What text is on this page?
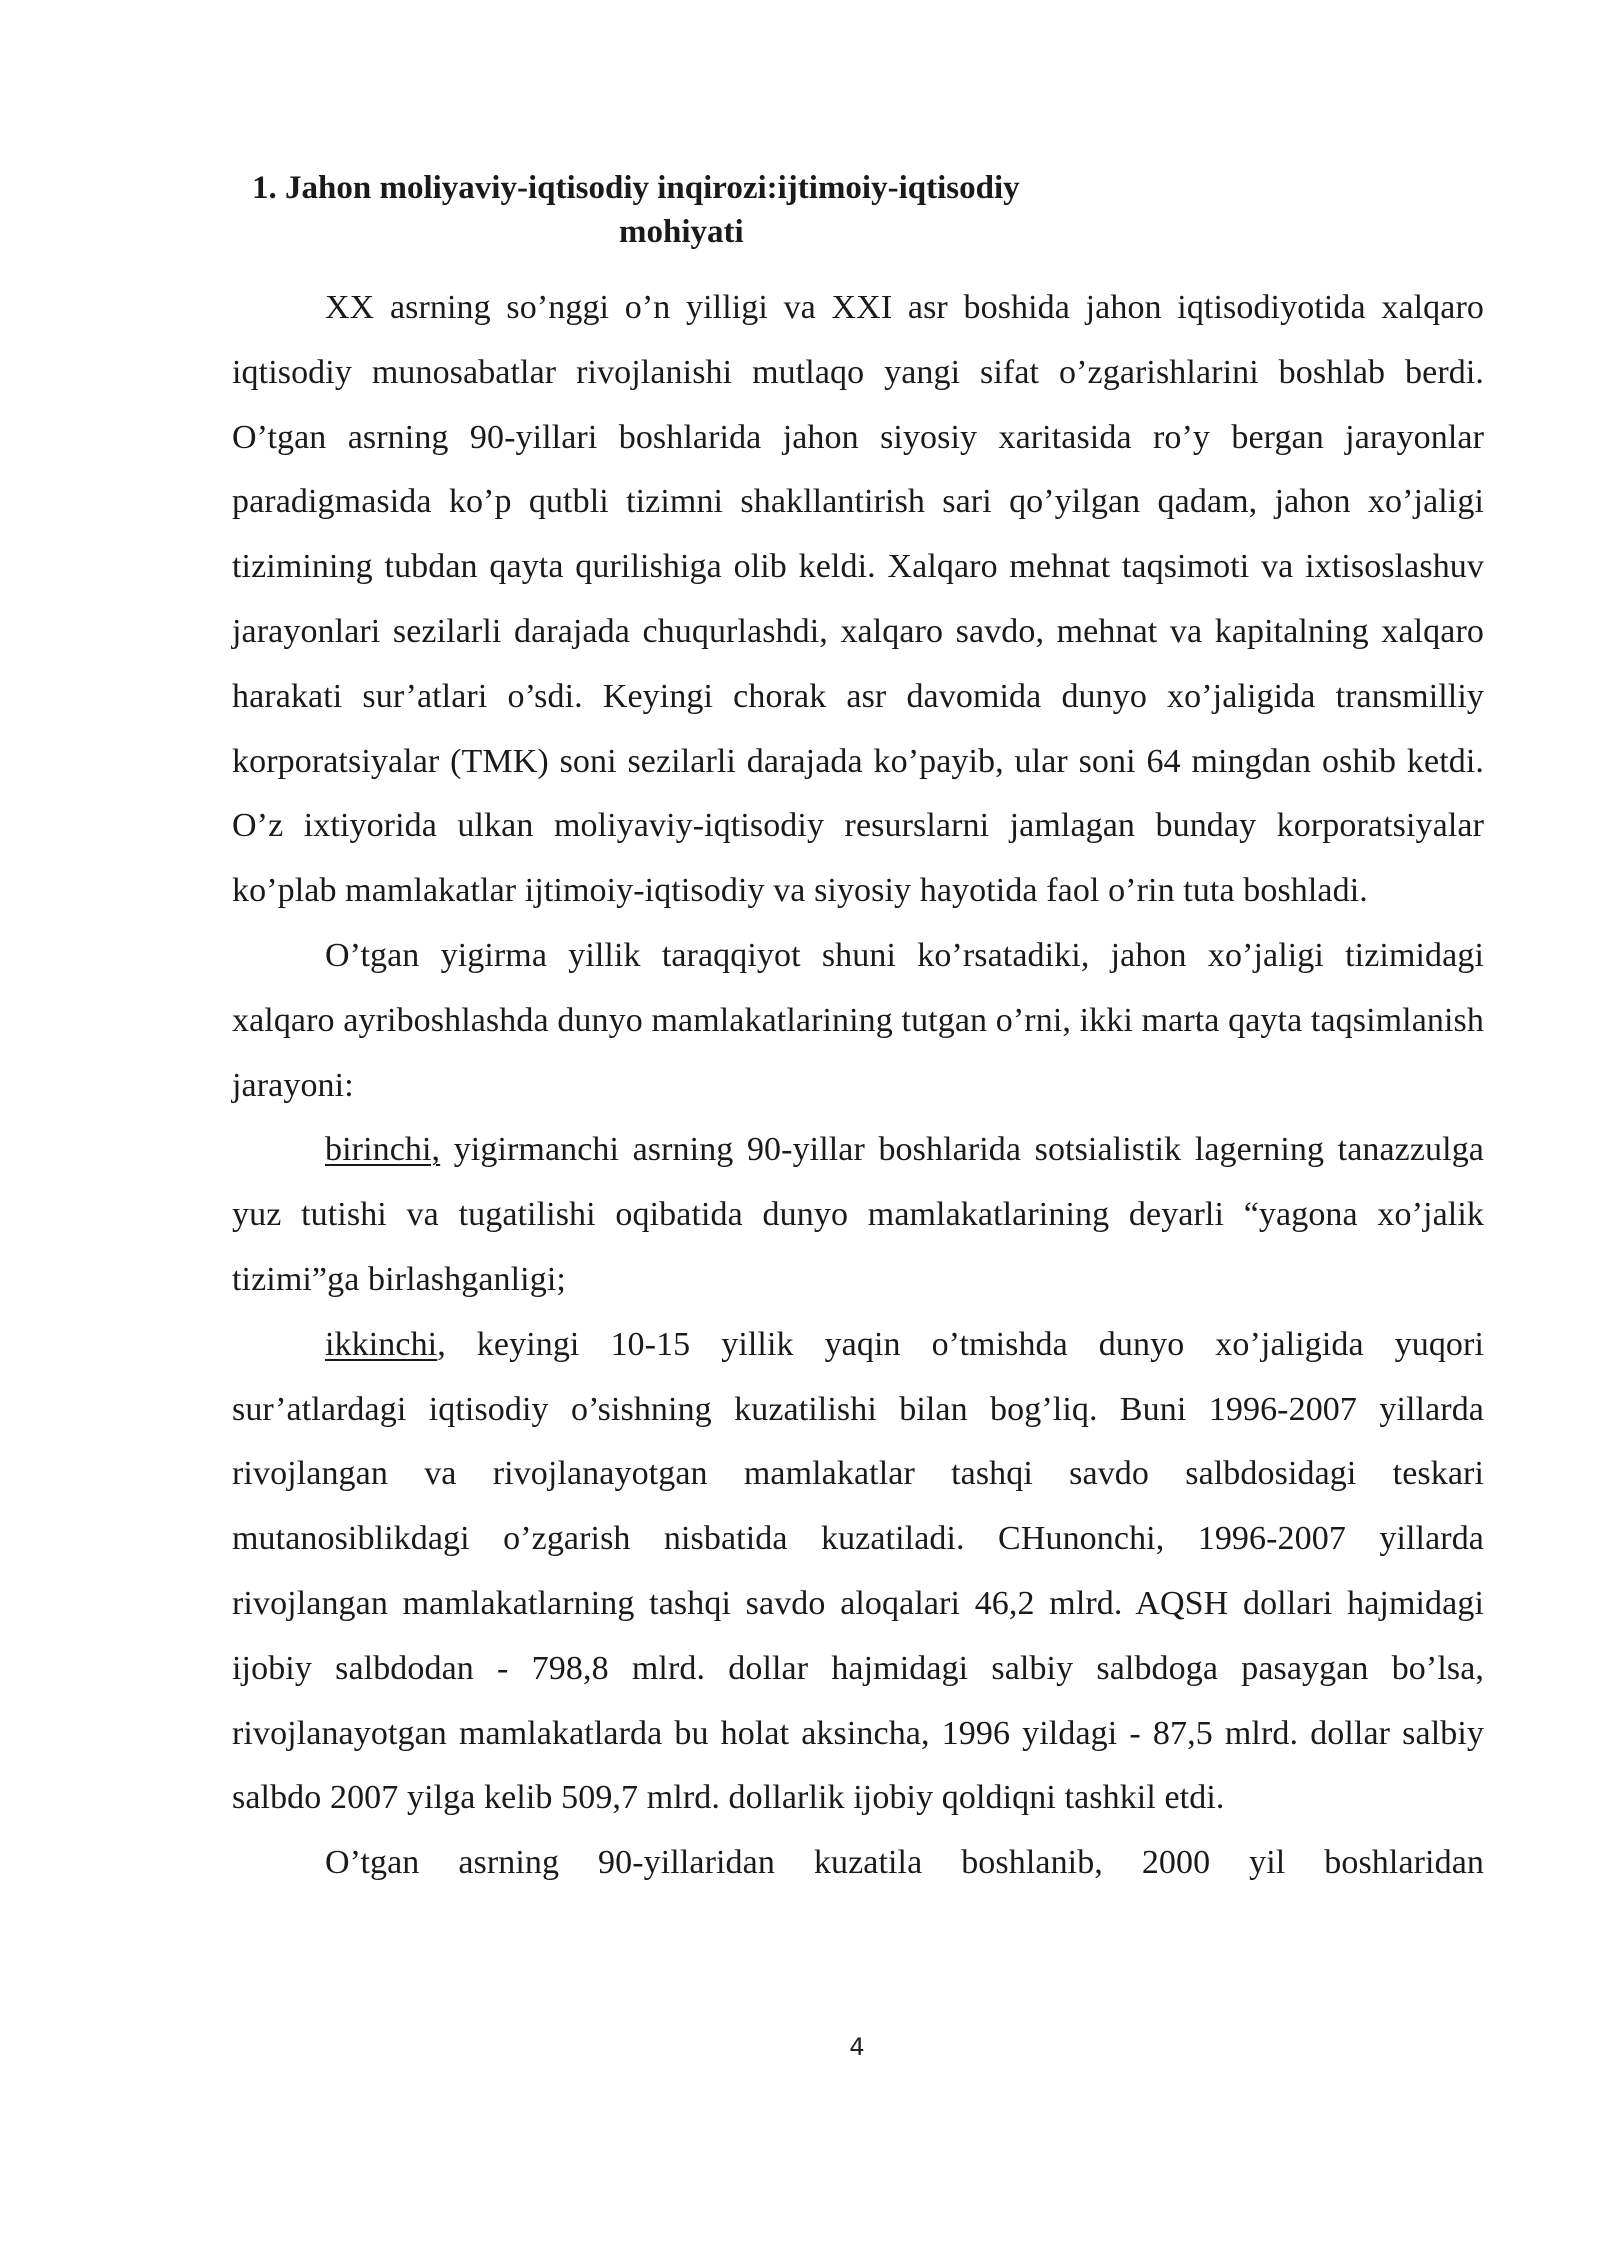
1. Jahon moliyaviy-iqtisodiy inqirozi:ijtimoiy-iqtisodiy
mohiyati

XX asrning so’nggi o’n yilligi va XXI asr boshida jahon iqtisodiyotida xalqaro iqtisodiy munosabatlar rivojlanishi mutlaqo yangi sifat o’zgarishlarini boshlab berdi. O’tgan asrning 90-yillari boshlarida jahon siyosiy xaritasida ro’y bergan jarayonlar paradigmasida ko’p qutbli tizimni shakllantirish sari qo’yilgan qadam, jahon xo’jaligi tizimining tubdan qayta qurilishiga olib keldi. Xalqaro mehnat taqsimoti va ixtisoslashuv jarayonlari sezilarli darajada chuqurlashdi, xalqaro savdo, mehnat va kapitalning xalqaro harakati sur’atlari o’sdi. Keyingi chorak asr davomida dunyo xo’jaligida transmilliy korporatsiyalar (TMK) soni sezilarli darajada ko’payib, ular soni 64 mingdan oshib ketdi. O’z ixtiyorida ulkan moliyaviy-iqtisodiy resurslarni jamlagan bunday korporatsiyalar ko’plab mamlakatlar ijtimoiy-iqtisodiy va siyosiy hayotida faol o’rin tuta boshladi.

O’tgan yigirma yillik taraqqiyot shuni ko’rsatadiki, jahon xo’jaligi tizimidagi xalqaro ayriboshlashda dunyo mamlakatlarining tutgan o’rni, ikki marta qayta taqsimlanish jarayoni:

birinchi, yigirmanchi asrning 90-yillar boshlarida sotsialistik lagerning tanazzulga yuz tutishi va tugatilishi oqibatida dunyo mamlakatlarining deyarli “yagona xo’jalik tizimi”ga birlashganligi;

ikkinchi, keyingi 10-15 yillik yaqin o’tmishda dunyo xo’jaligida yuqori sur’atlardagi iqtisodiy o’sishning kuzatilishi bilan bog’liq. Buni 1996-2007 yillarda rivojlangan va rivojlanayotgan mamlakatlar tashqi savdo salbdosidagi teskari mutanosiblikdagi o’zgarish nisbatida kuzatiladi. CHunonchi, 1996-2007 yillarda rivojlangan mamlakatlarning tashqi savdo aloqalari 46,2 mlrd. AQSH dollari hajmidagi ijobiy salbdodan - 798,8 mlrd. dollar hajmidagi salbiy salbdoga pasaygan bo’lsa, rivojlanayotgan mamlakatlarda bu holat aksincha, 1996 yildagi - 87,5 mlrd. dollar salbiy salbdo 2007 yilga kelib 509,7 mlrd. dollarlik ijobiy qoldiqni tashkil etdi.

O’tgan asrning 90-yillaridan kuzatila boshlanib, 2000 yil boshlaridan

4
